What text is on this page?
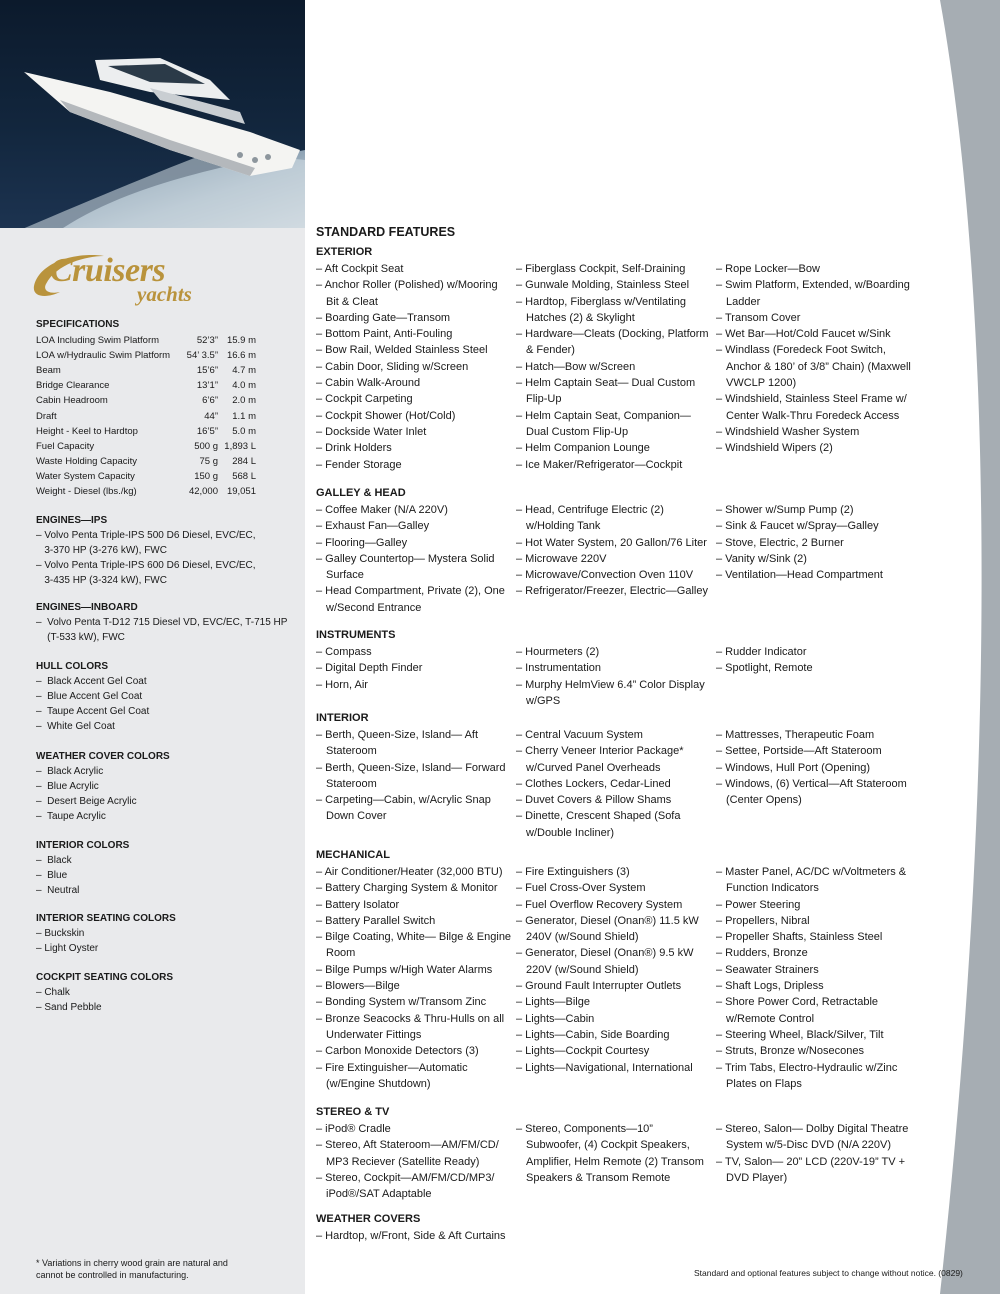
520 EXPRESS
Cruisers
yachts
SPECIFICATIONS
LOA Including Swim Platform	52’3”	15.9 m
LOA w/Hydraulic Swim Platform	54’ 3.5”	16.6 m
Beam	15’6”	4.7 m
Bridge Clearance	13’1”	4.0 m
Cabin Headroom	6’6”	2.0 m
Draft	44”	1.1 m
Height - Keel to Hardtop	16’5”	5.0 m
Fuel Capacity	500 g	1,893 L
Waste Holding Capacity	75 g	284 L
Water System Capacity	150 g	568 L
Weight - Diesel (lbs./kg)	42,000	19,051
ENGINES—IPS
– Volvo Penta Triple-IPS 500 D6 Diesel, EVC/EC,
3-370 HP (3-276 kW), FWC
– Volvo Penta Triple-IPS 600 D6 Diesel, EVC/EC,
3-435 HP (3-324 kW), FWC
ENGINES—INBOARD
–  Volvo Penta T-D12 715 Diesel VD, EVC/EC, T-715 HP
(T-533 kW), FWC
HULL COLORS
–  Black Accent Gel Coat
–  Blue Accent Gel Coat
–  Taupe Accent Gel Coat
–  White Gel Coat
WEATHER COVER COLORS
–  Black Acrylic
–  Blue Acrylic
–  Desert Beige Acrylic
–  Taupe Acrylic
INTERIOR COLORS
–  Black
–  Blue
–  Neutral
INTERIOR SEATING COLORS
– Buckskin
– Light Oyster
COCKPIT SEATING COLORS
– Chalk
– Sand Pebble
* Variations in cherry wood grain are natural and cannot be controlled in manufacturing.
STANDARD FEATURES
EXTERIOR
– Aft Cockpit Seat
– Anchor Roller (Polished) w/Mooring Bit & Cleat
– Boarding Gate—Transom
– Bottom Paint, Anti-Fouling
– Bow Rail, Welded Stainless Steel
– Cabin Door, Sliding w/Screen
– Cabin Walk-Around
– Cockpit Carpeting
– Cockpit Shower (Hot/Cold)
– Dockside Water Inlet
– Drink Holders
– Fender Storage
– Fiberglass Cockpit, Self-Draining
– Gunwale Molding, Stainless Steel
– Hardtop, Fiberglass w/Ventilating Hatches (2) & Skylight
– Hardware—Cleats (Docking, Platform & Fender)
– Hatch—Bow w/Screen
– Helm Captain Seat— Dual Custom Flip-Up
– Helm Captain Seat, Companion— Dual Custom Flip-Up
– Helm Companion Lounge
– Ice Maker/Refrigerator—Cockpit
– Rope Locker—Bow
– Swim Platform, Extended, w/Boarding Ladder
– Transom Cover
– Wet Bar—Hot/Cold Faucet w/Sink
– Windlass (Foredeck Foot Switch, Anchor & 180’ of 3/8” Chain) (Maxwell VWCLP 1200)
– Windshield, Stainless Steel Frame w/ Center Walk-Thru Foredeck Access
– Windshield Washer System
– Windshield Wipers (2)
GALLEY & HEAD
– Coffee Maker (N/A 220V)
– Exhaust Fan—Galley
– Flooring—Galley
– Galley Countertop— Mystera Solid Surface
– Head Compartment, Private (2), One w/Second Entrance
– Head, Centrifuge Electric (2) w/Holding Tank
– Hot Water System, 20 Gallon/76 Liter
– Microwave 220V
– Microwave/Convection Oven 110V
– Refrigerator/Freezer, Electric—Galley
– Shower w/Sump Pump (2)
– Sink & Faucet w/Spray—Galley
– Stove, Electric, 2 Burner
– Vanity w/Sink (2)
– Ventilation—Head Compartment
INSTRUMENTS
– Compass
– Digital Depth Finder
– Horn, Air
– Hourmeters (2)
– Instrumentation
– Murphy HelmView 6.4” Color Display w/GPS
– Rudder Indicator
– Spotlight, Remote
INTERIOR
– Berth, Queen-Size, Island— Aft Stateroom
– Berth, Queen-Size, Island— Forward Stateroom
– Carpeting—Cabin, w/Acrylic Snap Down Cover
– Central Vacuum System
– Cherry Veneer Interior Package* w/Curved Panel Overheads
– Clothes Lockers, Cedar-Lined
– Duvet Covers & Pillow Shams
– Dinette, Crescent Shaped (Sofa w/Double Incliner)
– Mattresses, Therapeutic Foam
– Settee, Portside—Aft Stateroom
– Windows, Hull Port (Opening)
– Windows, (6) Vertical—Aft Stateroom (Center Opens)
MECHANICAL
– Air Conditioner/Heater (32,000 BTU)
– Battery Charging System & Monitor
– Battery Isolator
– Battery Parallel Switch
– Bilge Coating, White— Bilge & Engine Room
– Bilge Pumps w/High Water Alarms
– Blowers—Bilge
– Bonding System w/Transom Zinc
– Bronze Seacocks & Thru-Hulls on all Underwater Fittings
– Carbon Monoxide Detectors (3)
– Fire Extinguisher—Automatic (w/Engine Shutdown)
– Fire Extinguishers (3)
– Fuel Cross-Over System
– Fuel Overflow Recovery System
– Generator, Diesel (Onan®) 11.5 kW 240V (w/Sound Shield)
– Generator, Diesel (Onan®) 9.5 kW 220V (w/Sound Shield)
– Ground Fault Interrupter Outlets
– Lights—Bilge
– Lights—Cabin
– Lights—Cabin, Side Boarding
– Lights—Cockpit Courtesy
– Lights—Navigational, International
– Master Panel, AC/DC w/Voltmeters & Function Indicators
– Power Steering
– Propellers, Nibral
– Propeller Shafts, Stainless Steel
– Rudders, Bronze
– Seawater Strainers
– Shaft Logs, Dripless
– Shore Power Cord, Retractable w/Remote Control
– Steering Wheel, Black/Silver, Tilt
– Struts, Bronze w/Nosecones
– Trim Tabs, Electro-Hydraulic w/Zinc Plates on Flaps
STEREO & TV
– iPod® Cradle
– Stereo, Aft Stateroom—AM/FM/CD/ MP3 Reciever (Satellite Ready)
– Stereo, Cockpit—AM/FM/CD/MP3/ iPod®/SAT Adaptable
– Stereo, Components—10” Subwoofer, (4) Cockpit Speakers, Amplifier, Helm Remote (2) Transom Speakers & Transom Remote
– Stereo, Salon— Dolby Digital Theatre System w/5-Disc DVD (N/A 220V)
– TV, Salon— 20” LCD (220V-19” TV + DVD Player)
WEATHER COVERS
– Hardtop, w/Front, Side & Aft Curtains
Standard and optional features subject to change without notice. (0829)
